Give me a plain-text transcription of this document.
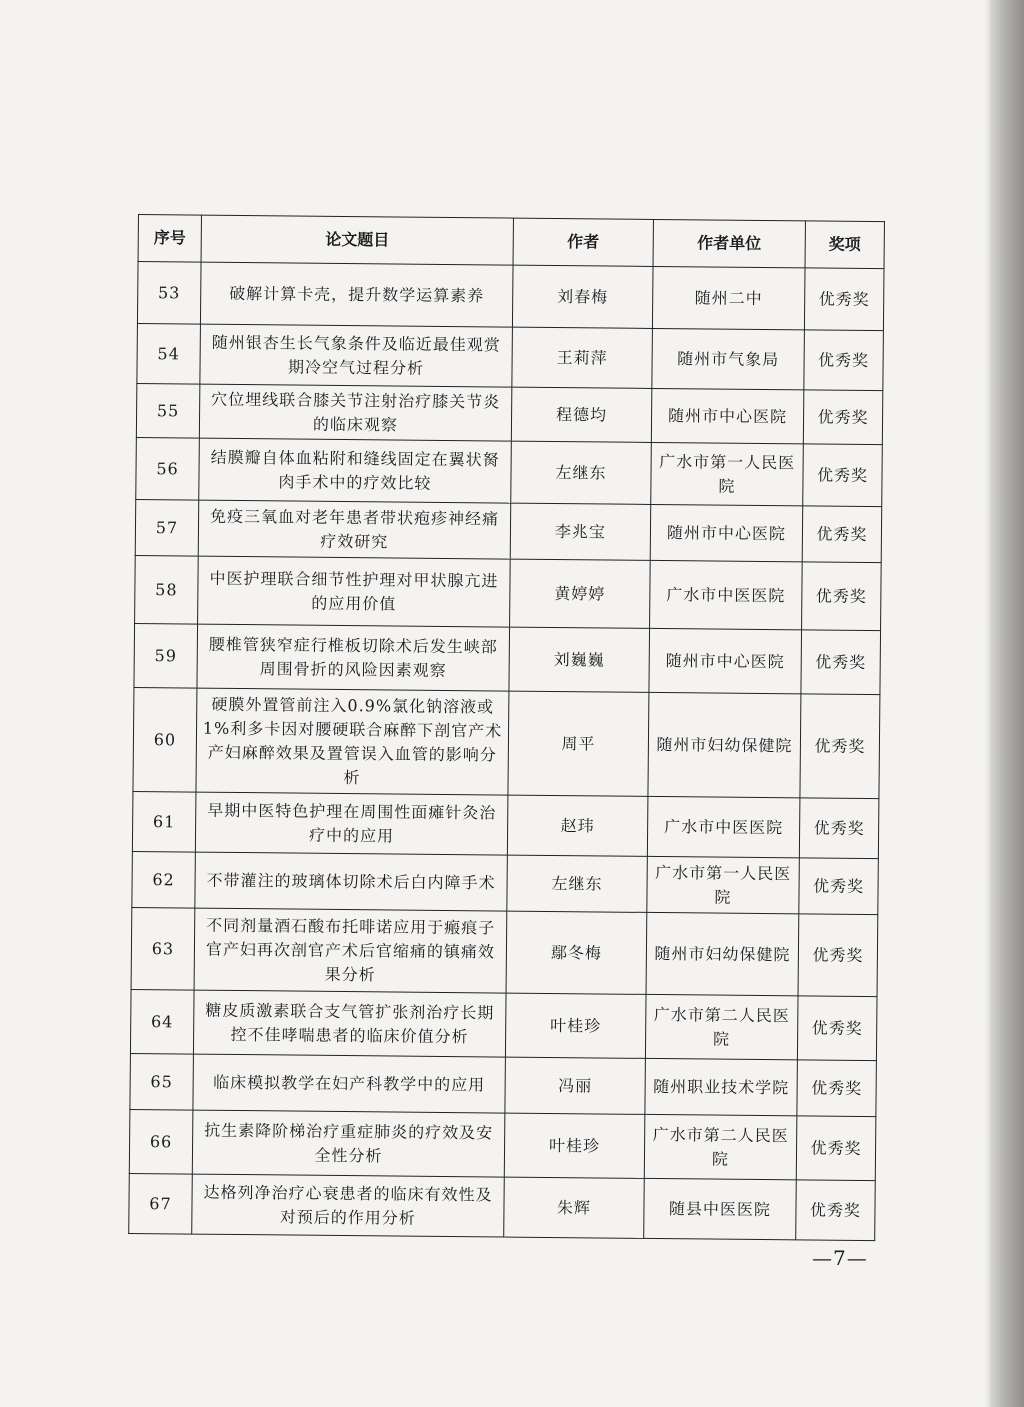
序号	论文题目	作者	作者单位	奖项
53	破解计算卡壳，提升数学运算素养	刘春梅	随州二中	优秀奖
54	随州银杏生长气象条件及临近最佳观赏期冷空气过程分析	王莉萍	随州市气象局	优秀奖
55	穴位埋线联合膝关节注射治疗膝关节炎的临床观察	程德均	随州市中心医院	优秀奖
56	结膜瓣自体血粘附和缝线固定在翼状胬肉手术中的疗效比较	左继东	广水市第一人民医院	优秀奖
57	免疫三氧血对老年患者带状疱疹神经痛疗效研究	李兆宝	随州市中心医院	优秀奖
58	中医护理联合细节性护理对甲状腺亢进的应用价值	黄婷婷	广水市中医医院	优秀奖
59	腰椎管狭窄症行椎板切除术后发生峡部周围骨折的风险因素观察	刘巍巍	随州市中心医院	优秀奖
60	硬膜外置管前注入0.9%氯化钠溶液或1%利多卡因对腰硬联合麻醉下剖官产术产妇麻醉效果及置管误入血管的影响分析	周平	随州市妇幼保健院	优秀奖
61	早期中医特色护理在周围性面瘫针灸治疗中的应用	赵玮	广水市中医医院	优秀奖
62	不带灌注的玻璃体切除术后白内障手术	左继东	广水市第一人民医院	优秀奖
63	不同剂量酒石酸布托啡诺应用于瘢痕子官产妇再次剖官产术后官缩痛的镇痛效果分析	鄢冬梅	随州市妇幼保健院	优秀奖
64	糖皮质激素联合支气管扩张剂治疗长期控不佳哮喘患者的临床价值分析	叶桂珍	广水市第二人民医院	优秀奖
65	临床模拟教学在妇产科教学中的应用	冯丽	随州职业技术学院	优秀奖
66	抗生素降阶梯治疗重症肺炎的疗效及安全性分析	叶桂珍	广水市第二人民医院	优秀奖
67	达格列净治疗心衰患者的临床有效性及对预后的作用分析	朱辉	随县中医医院	优秀奖
—7—
